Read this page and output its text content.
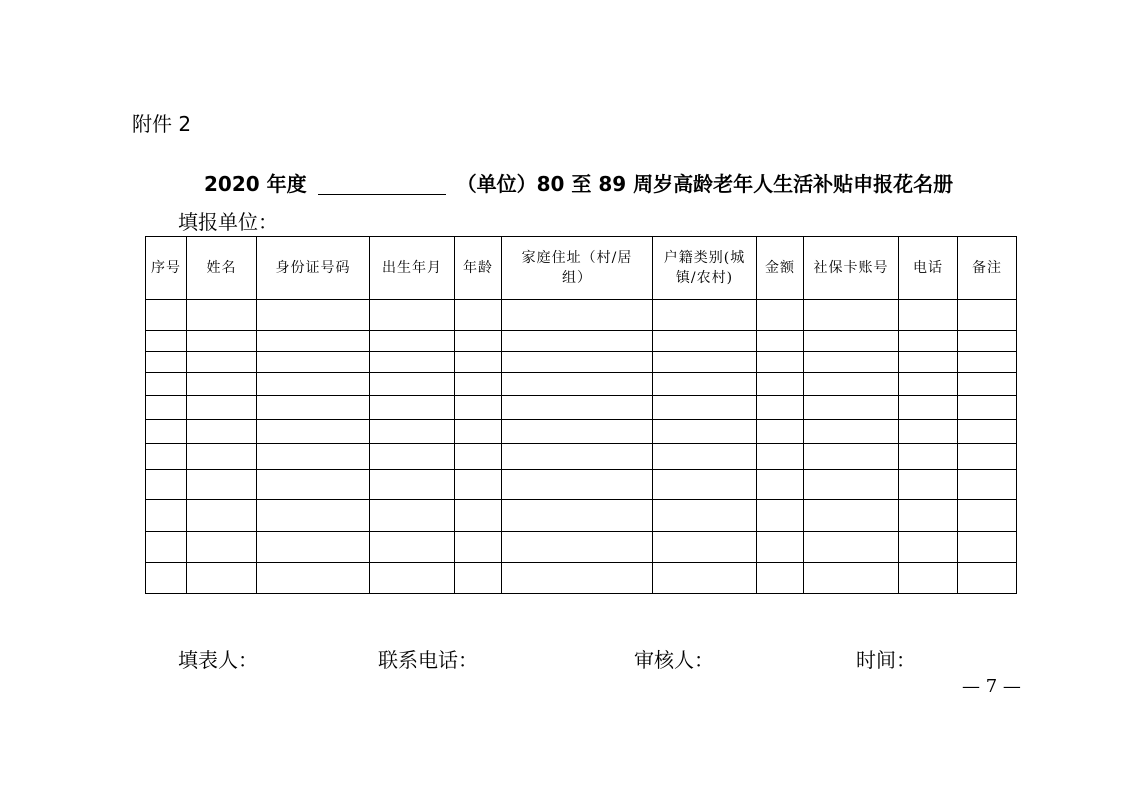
附件 2
2020 年度	（单位）80 至 89 周岁高龄老年人生活补贴申报花名册
填报单位：
序号	姓名	身份证号码	出生年月	年龄	家庭住址（村/居组）	户籍类别(城镇/农村)	金额	社保卡账号	电话	备注

填表人：	联系电话：	审核人：	时间：
— 7 —
